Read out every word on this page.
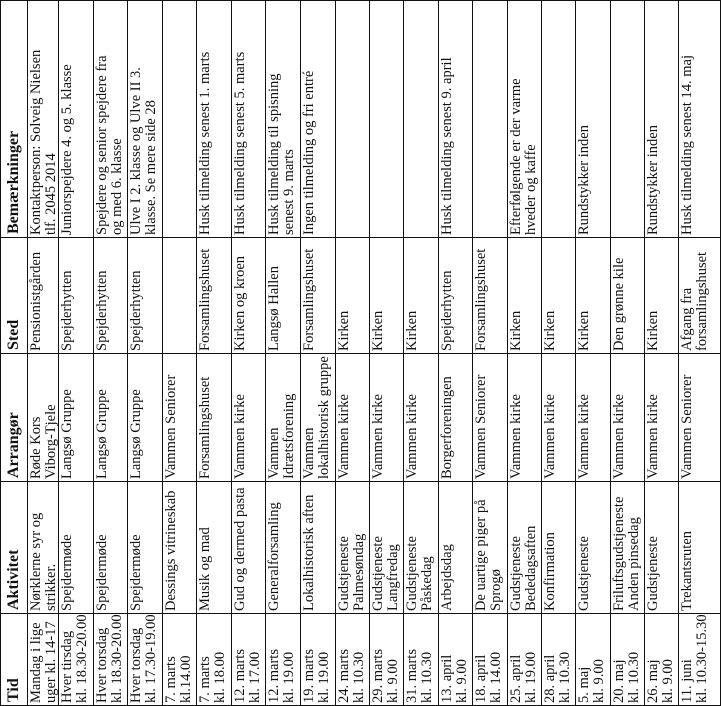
Tid
Aktivitet
Arrangør
Sted
Bemærkninger
Mandag i lige
uger kl. 14-17
Nørklerne syr og
strikker.
Røde Kors
Viborg-Tjele
Pensionistgården
Kontaktperson: Solveig Nielsen
tlf. 2045 2014
Hver tirsdag
kl. 18.30-20.00
Spejdermøde
Langsø Gruppe
Spejderhytten
Juniorspejdere 4. og 5. klasse
Hver torsdag
kl. 18.30-20.00
Spejdermøde
Langsø Gruppe
Spejderhytten
Spejdere og senior spejdere fra
og med 6. klasse
Hver torsdag
kl. 17.30-19.00
Spejdermøde
Langsø Gruppe
Spejderhytten
Ulve I 2. klasse og Ulve II 3.
klasse. Se mere side 28
7. marts
kl.14.00
Dessings vitrineskab
Vammen Seniorer
7. marts
kl. 18.00
Musik og mad
Forsamlingshuset
Forsamlingshuset
Husk tilmelding senest 1. marts
12. marts
kl. 17.00
Gud og dermed pasta
Vammen kirke
Kirken og kroen
Husk tilmelding senest 5. marts
12. marts
kl. 19.00
Generalforsamling
Vammen
Idrætsforening
Langsø Hallen
Husk tilmelding til spisning
senest 9. marts
19. marts
kl. 19.00
Lokalhistorisk aften
Vammen
lokalhistorisk gruppe
Forsamlingshuset
Ingen tilmelding og fri entré
24. marts
kl. 10.30
Gudstjeneste
Palmesøndag
Vammen kirke
Kirken
29. marts
kl. 9.00
Gudstjeneste
Langfredag
Vammen kirke
Kirken
31. marts
kl. 10.30
Gudstjeneste
Påskedag
Vammen kirke
Kirken
13. april
kl. 9.00
Arbejdsdag
Borgerforeningen
Spejderhytten
Husk tilmelding senest 9. april
18. april
kl. 14.00
De uartige piger på
Sprogø
Vammen Seniorer
Forsamlingshuset
25. april
kl. 19.00
Gudstjeneste
Bededagsaften
Vammen kirke
Kirken
Efterfølgende er der varme
hveder og kaffe
28. april
kl. 10.30
Konfirmation
Vammen kirke
Kirken
5. maj
kl. 9.00
Gudstjeneste
Vammen kirke
Kirken
Rundstykker inden
20. maj
kl. 10.30
Friluftsgudstjeneste
Anden pinsedag
Vammen kirke
Den grønne kile
26. maj
kl. 9.00
Gudstjeneste
Vammen kirke
Kirken
Rundstykker inden
11. juni
kl. 10.30-15.30
Trekantsruten
Vammen Seniorer
Afgang fra
forsamlingshuset
Husk tilmelding senest 14. maj
